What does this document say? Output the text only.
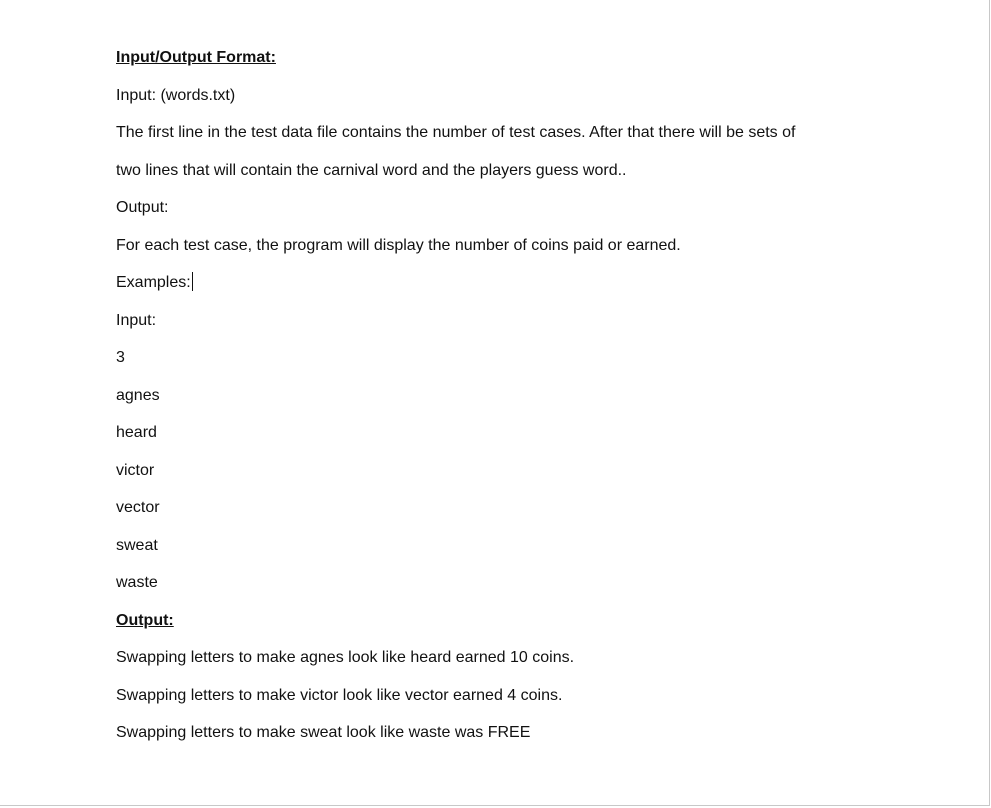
Input/Output Format:
Input: (words.txt)
The first line in the test data file contains the number of test cases. After that there will be sets of
two lines that will contain the carnival word and the players guess word..
Output:
For each test case, the program will display the number of coins paid or earned.
Examples:
Input:
3
agnes
heard
victor
vector
sweat
waste
Output:
Swapping letters to make agnes look like heard earned 10 coins.
Swapping letters to make victor look like vector earned 4 coins.
Swapping letters to make sweat look like waste was FREE
